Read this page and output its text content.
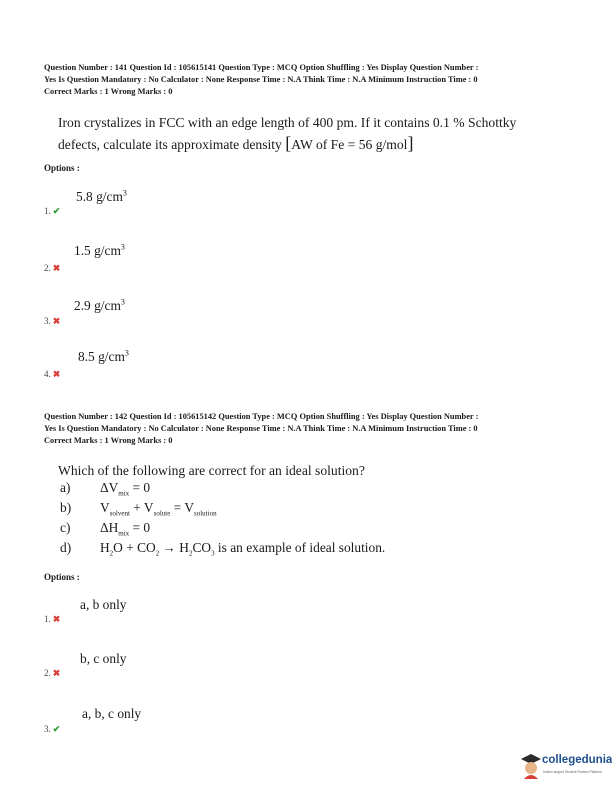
Question Number : 141 Question Id : 105615141 Question Type : MCQ Option Shuffling : Yes Display Question Number :
Yes Is Question Mandatory : No Calculator : None Response Time : N.A Think Time : N.A Minimum Instruction Time : 0
Correct Marks : 1 Wrong Marks : 0
Iron crystalizes in FCC with an edge length of 400 pm. If it contains 0.1 % Schottky
defects, calculate its approximate density [AW of Fe = 56 g/mol]
Options :
5.8 $g/cm^3$
1. ✔
1.5 $g/cm^3$
2. ✖
2.9 $g/cm^3$
3. ✖
8.5 $g/cm^3$
4. ✖
Question Number : 142 Question Id : 105615142 Question Type : MCQ Option Shuffling : Yes Display Question Number :
Yes Is Question Mandatory : No Calculator : None Response Time : N.A Think Time : N.A Minimum Instruction Time : 0
Correct Marks : 1 Wrong Marks : 0
Which of the following are correct for an ideal solution?
a) $\Delta V_{mix} = 0$
b) $V_{solvent} + V_{solute} = V_{solution}$
c) $\Delta H_{mix} = 0$
d) $H_2O + CO_2 \to H_2CO_3$ is an example of ideal solution.
Options :
a, b only
1. ✖
b, c only
2. ✖
a, b, c only
3. ✔
collegedunia
India's largest Student Review Platform
